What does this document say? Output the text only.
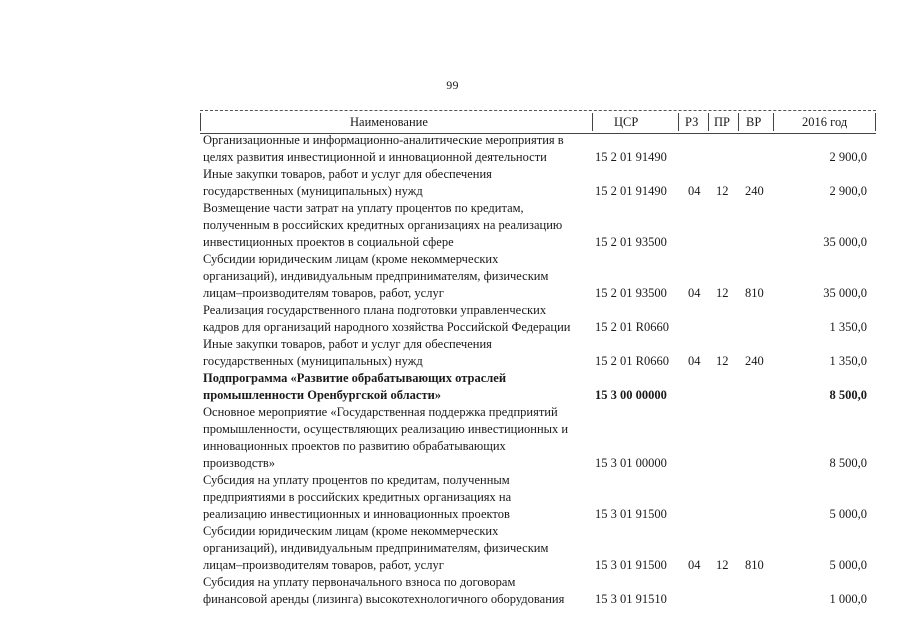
99
Наименование	ЦСР	РЗ ПР ВР	2016 год
Организационные и информационно-аналитические мероприятия в
целях развития инвестиционной и инновационной деятельности	15 2 01 91490	2 900,0
Иные закупки товаров, работ и услуг для обеспечения
государственных (муниципальных) нужд	15 2 01 91490 04 12 240	2 900,0
Возмещение части затрат на уплату процентов по кредитам,
полученным в российских кредитных организациях на реализацию
инвестиционных проектов в социальной сфере	15 2 01 93500	35 000,0
Субсидии юридическим лицам (кроме некоммерческих
организаций), индивидуальным предпринимателям, физическим
лицам–производителям товаров, работ, услуг	15 2 01 93500 04 12 810	35 000,0
Реализация государственного плана подготовки управленческих
кадров для организаций народного хозяйства Российской Федерации	15 2 01 R0660	1 350,0
Иные закупки товаров, работ и услуг для обеспечения
государственных (муниципальных) нужд	15 2 01 R0660 04 12 240	1 350,0
Подпрограмма «Развитие обрабатывающих отраслей
промышленности Оренбургской области»	15 3 00 00000	8 500,0
Основное мероприятие «Государственная поддержка предприятий
промышленности, осуществляющих реализацию инвестиционных и
инновационных проектов по развитию обрабатывающих
производств»	15 3 01 00000	8 500,0
Субсидия на уплату процентов по кредитам, полученным
предприятиями в российских кредитных организациях на
реализацию инвестиционных и инновационных проектов	15 3 01 91500	5 000,0
Субсидии юридическим лицам (кроме некоммерческих
организаций), индивидуальным предпринимателям, физическим
лицам–производителям товаров, работ, услуг	15 3 01 91500 04 12 810	5 000,0
Субсидия на уплату первоначального взноса по договорам
финансовой аренды (лизинга) высокотехнологичного оборудования	15 3 01 91510	1 000,0
